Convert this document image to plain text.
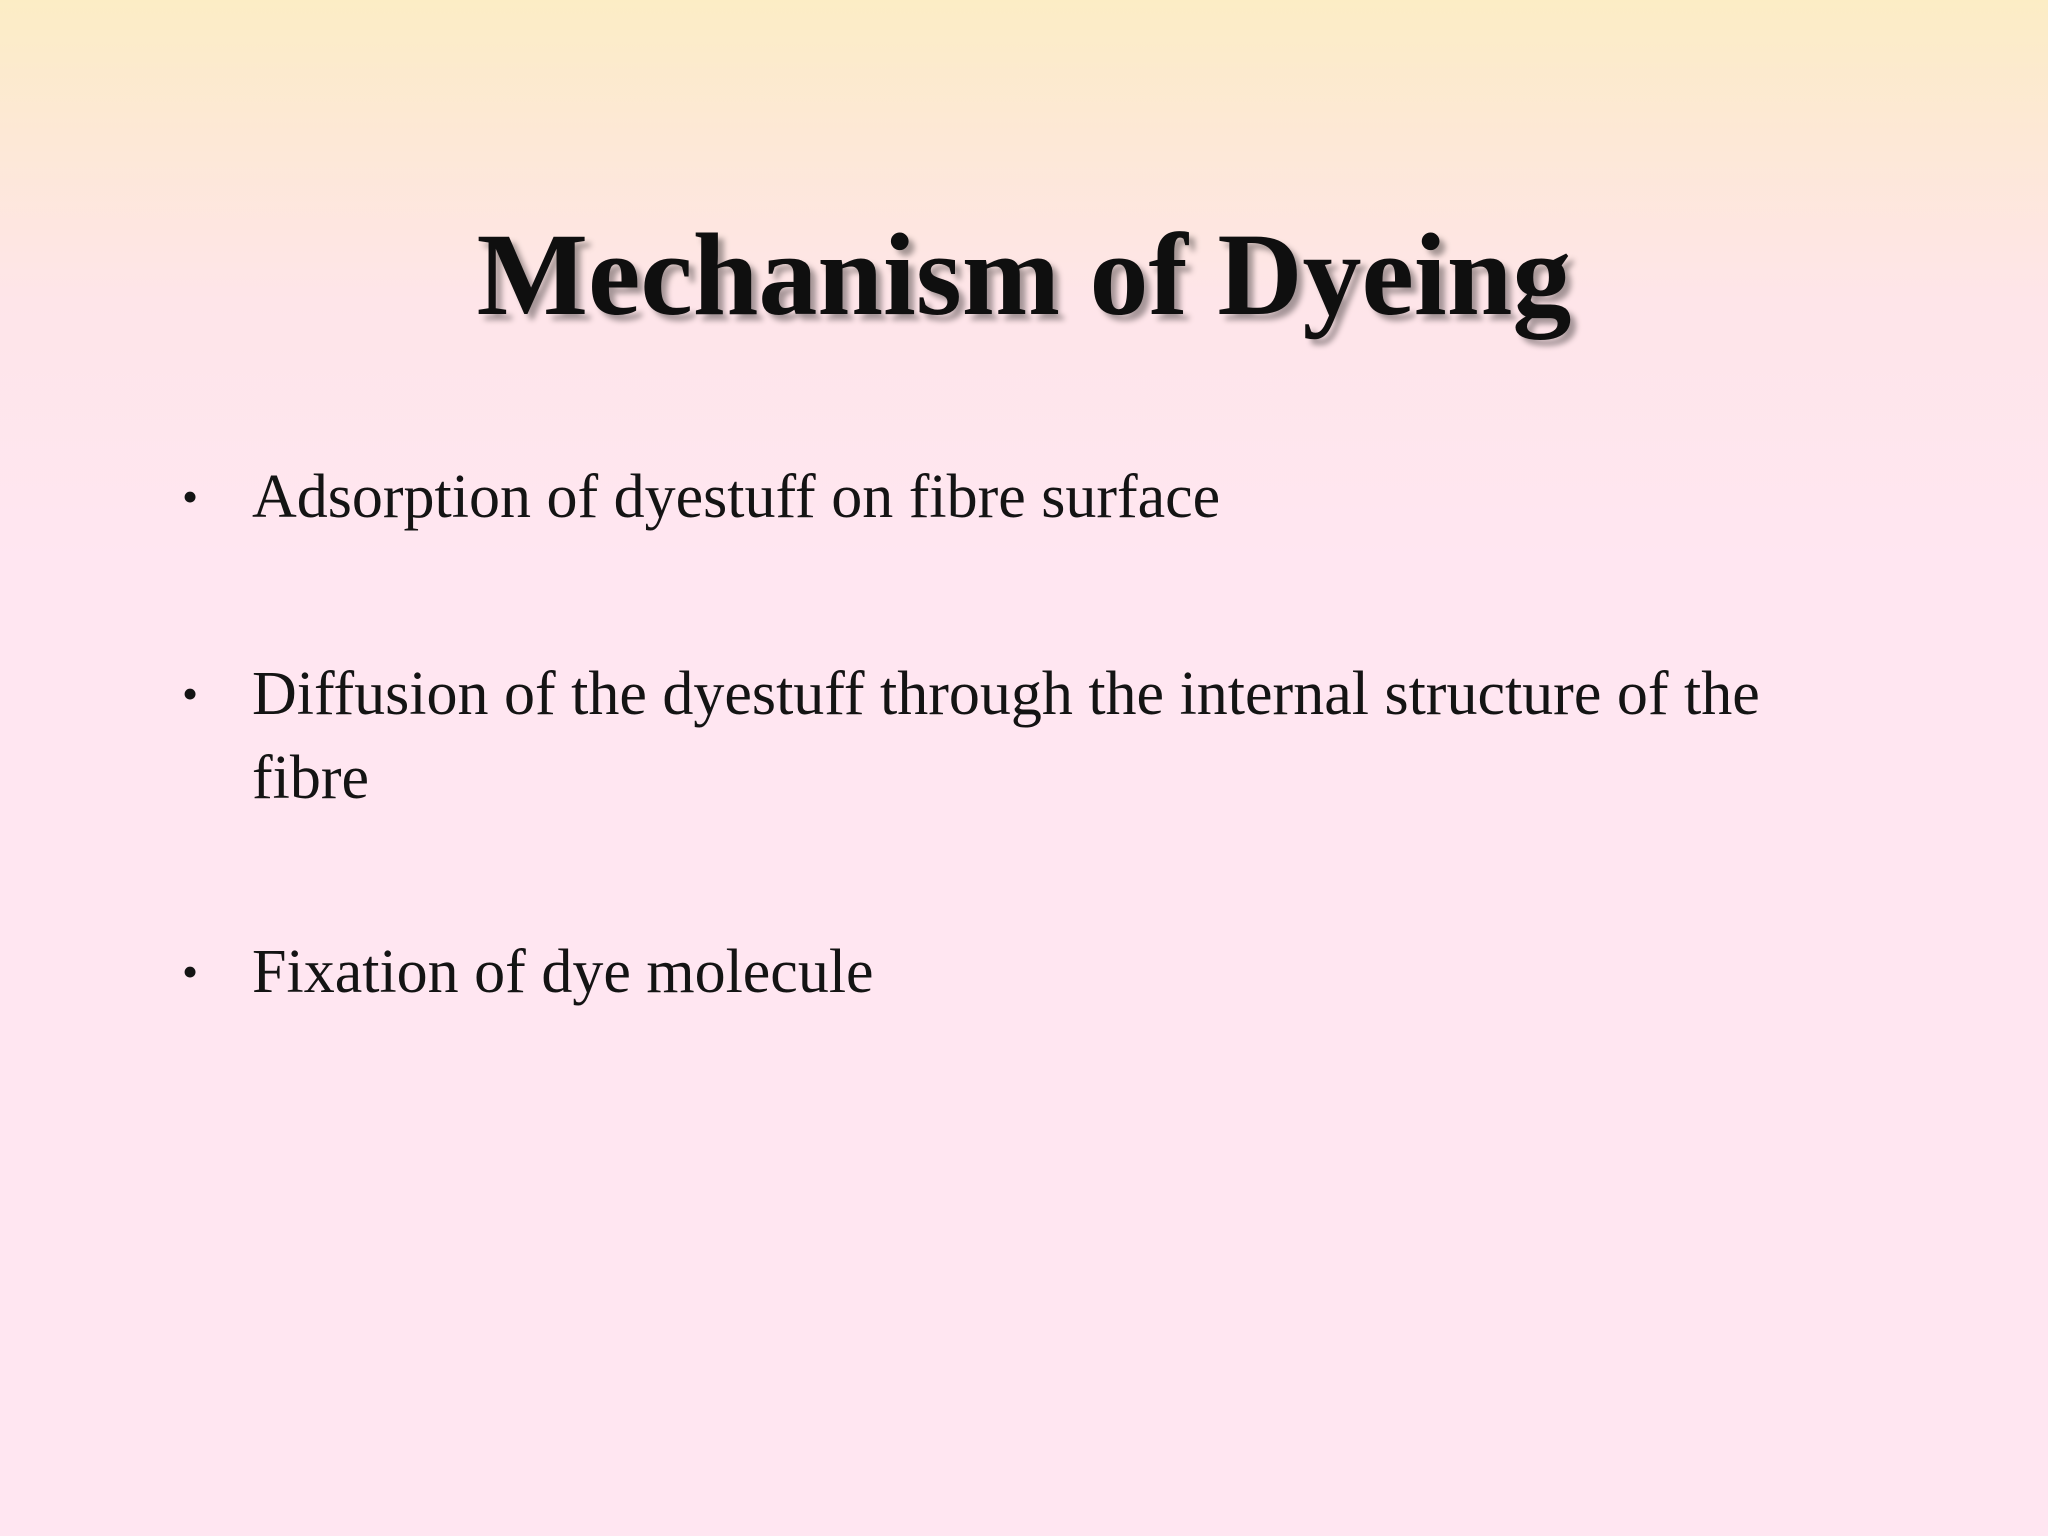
Mechanism of Dyeing
• Adsorption of dyestuff on fibre surface
• Diffusion of the dyestuff through the internal structure of the fibre
• Fixation of dye molecule
